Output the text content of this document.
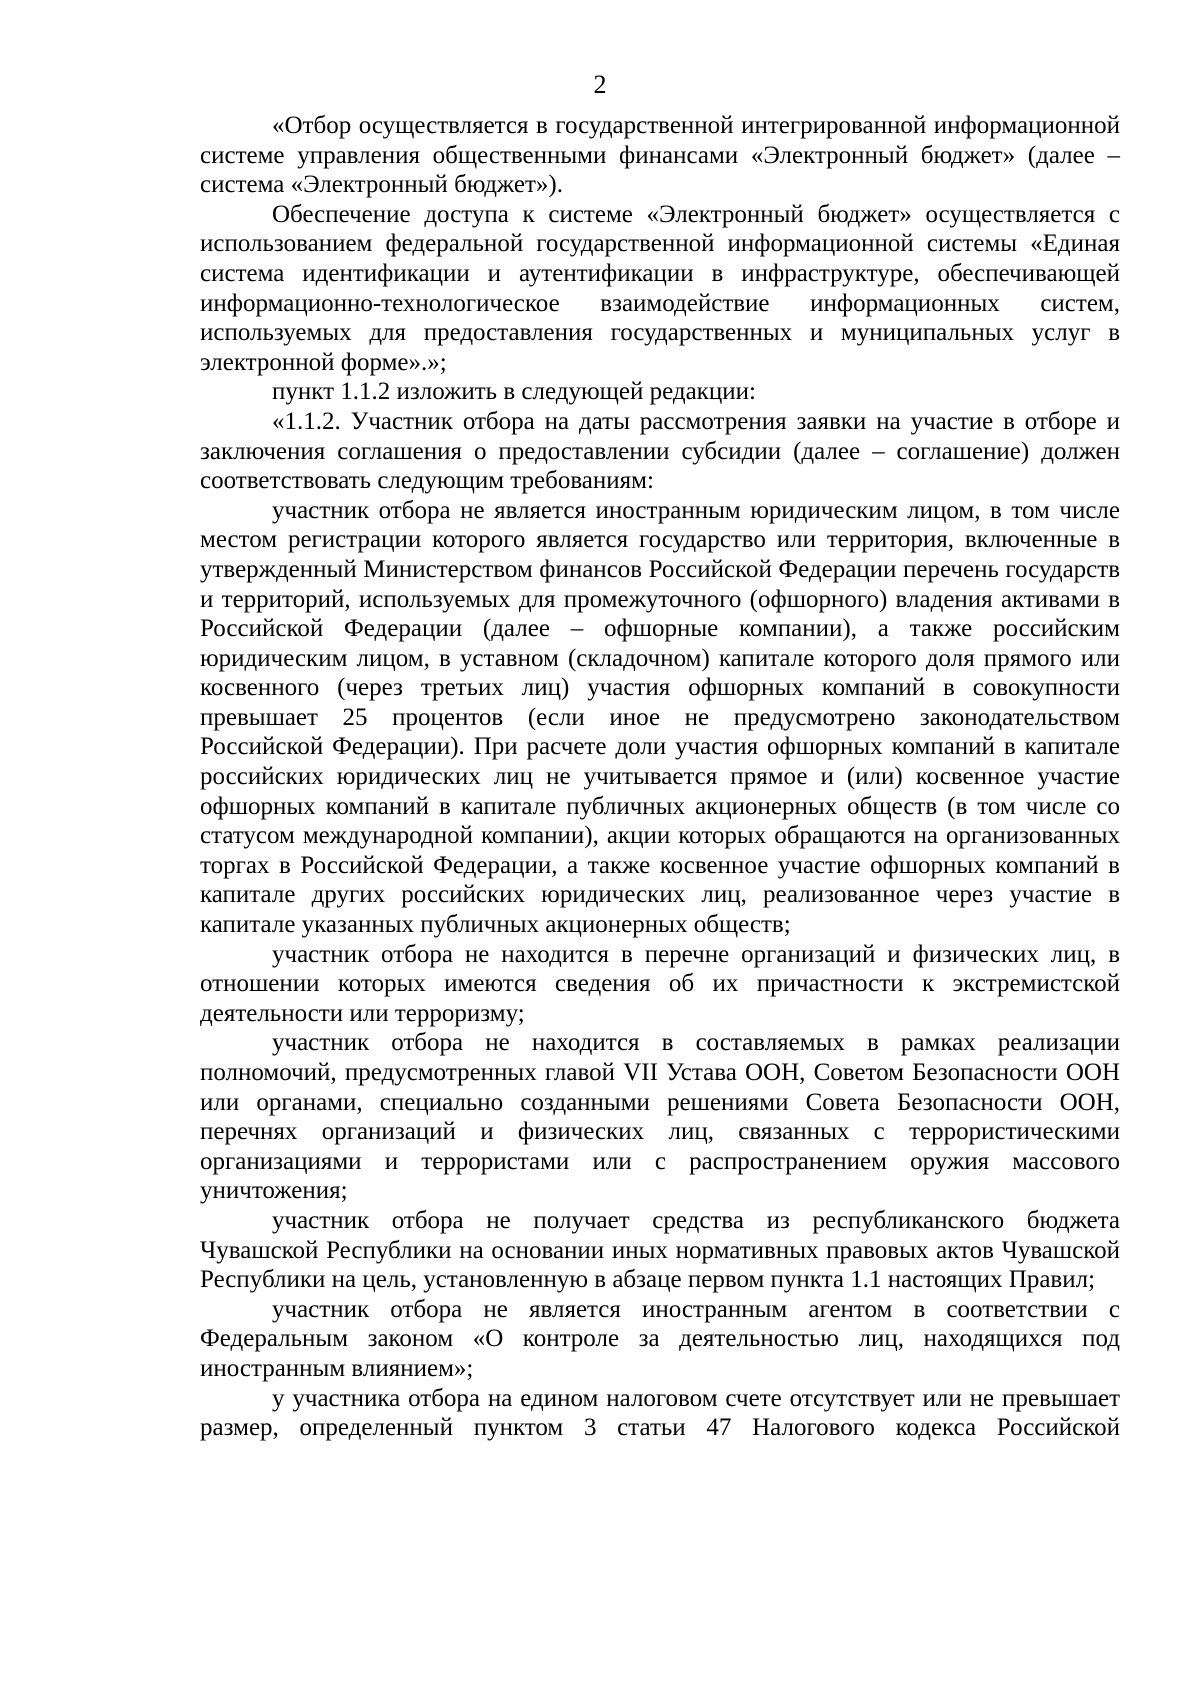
2

«Отбор осуществляется в государственной интегрированной информационной системе управления общественными финансами «Электронный бюджет» (далее – система «Электронный бюджет»).

Обеспечение доступа к системе «Электронный бюджет» осуществляется с использованием федеральной государственной информационной системы «Единая система идентификации и аутентификации в инфраструктуре, обеспечивающей информационно-технологическое взаимодействие информационных систем, используемых для предоставления государственных и муниципальных услуг в электронной форме».»;

пункт 1.1.2 изложить в следующей редакции:

«1.1.2. Участник отбора на даты рассмотрения заявки на участие в отборе и заключения соглашения о предоставлении субсидии (далее – соглашение) должен соответствовать следующим требованиям:

участник отбора не является иностранным юридическим лицом, в том числе местом регистрации которого является государство или территория, включенные в утвержденный Министерством финансов Российской Федерации перечень государств и территорий, используемых для промежуточного (офшорного) владения активами в Российской Федерации (далее – офшорные компании), а также российским юридическим лицом, в уставном (складочном) капитале которого доля прямого или косвенного (через третьих лиц) участия офшорных компаний в совокупности превышает 25 процентов (если иное не предусмотрено законодательством Российской Федерации). При расчете доли участия офшорных компаний в капитале российских юридических лиц не учитывается прямое и (или) косвенное участие офшорных компаний в капитале публичных акционерных обществ (в том числе со статусом международной компании), акции которых обращаются на организованных торгах в Российской Федерации, а также косвенное участие офшорных компаний в капитале других российских юридических лиц, реализованное через участие в капитале указанных публичных акционерных обществ;

участник отбора не находится в перечне организаций и физических лиц, в отношении которых имеются сведения об их причастности к экстремистской деятельности или терроризму;

участник отбора не находится в составляемых в рамках реализации полномочий, предусмотренных главой VII Устава ООН, Советом Безопасности ООН или органами, специально созданными решениями Совета Безопасности ООН, перечнях организаций и физических лиц, связанных с террористическими организациями и террористами или с распространением оружия массового уничтожения;

участник отбора не получает средства из республиканского бюджета Чувашской Республики на основании иных нормативных правовых актов Чувашской Республики на цель, установленную в абзаце первом пункта 1.1 настоящих Правил;

участник отбора не является иностранным агентом в соответствии с Федеральным законом «О контроле за деятельностью лиц, находящихся под иностранным влиянием»;

у участника отбора на едином налоговом счете отсутствует или не превышает размер, определенный пунктом 3 статьи 47 Налогового кодекса Российской
